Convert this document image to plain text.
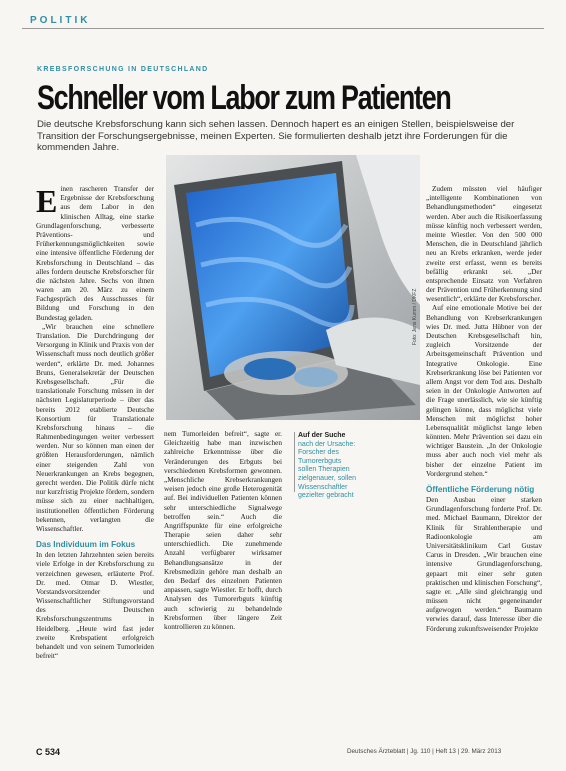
POLITIK
KREBSFORSCHUNG IN DEUTSCHLAND
Schneller vom Labor zum Patienten
Die deutsche Krebsforschung kann sich sehen lassen. Dennoch hapert es an einigen Stellen, beispielsweise der Transition der Forschungsergebnisse, meinen Experten. Sie formulierten deshalb jetzt ihre Forderungen für die kommenden Jahre.

Einen rascheren Transfer der Ergebnisse der Krebsforschung aus dem Labor in den klinischen Alltag, eine starke Grundlagenforschung, verbesserte Präventions- und Früherkennungsmöglichkeiten sowie eine intensive öffentliche Förderung der Krebsforschung in Deutschland – das alles fordern deutsche Krebsforscher für die nächsten Jahre. Sechs von ihnen waren am 20. März zu einem Fachgespräch des Ausschusses für Bildung und Forschung in den Bundestag geladen.

„Wir brauchen eine schnellere Translation. Die Durchdringung der Versorgung in Klinik und Praxis von der Wissenschaft muss noch deutlich größer werden“, erklärte Dr. med. Johannes Bruns, Generalsekretär der Deutschen Krebsgesellschaft. „Für die translationale Forschung müssen in der nächsten Legislaturperiode – über das bereits 2012 etablierte Deutsche Konsortium für Translationale Krebsforschung hinaus – die Rahmenbedingungen weiter verbessert werden. Nur so können man einen der größten Herausforderungen, nämlich einer steigenden Zahl von Neuerkrankungen an Krebs begegnen, gerecht werden. Die Politik dürfe nicht nur kurzfristig Projekte fördern, sondern müsse sich zu einer nachhaltigen, institutionellen öffentlichen Förderung bekennen, verlangten die Wissenschaftler.

Das Individuum im Fokus

In den letzten Jahrzehnten seien bereits viele Erfolge in der Krebsforschung zu verzeichnen gewesen, erläuterte Prof. Dr. med. Otmar D. Wiestler, Vorstandsvorsitzender und Wissenschaftlicher Stiftungsvorstand des Deutschen Krebsforschungszentrums in Heidelberg. „Heute wird fast jeder zweite Krebspatient erfolgreich behandelt und von seinem Tumorleiden befreit“

Foto: Jens Kumm / DKFZ

nem Tumorleiden befreit“, sagte er. Gleichzeitig habe man inzwischen zahlreiche Erkenntnisse über die Veränderungen des Erbguts bei verschiedenen Krebsformen gewonnen. „Menschliche Krebserkrankungen weisen jedoch eine große Heterogenität auf. Bei individuellen Patienten können sehr unterschiedliche Signalwege betroffen sein.“ Auch die Angriffspunkte für eine erfolgreiche Therapie seien daher sehr unterschiedlich. Die zunehmende Anzahl verfügbarer wirksamer Behandlungsansätze in der Krebsmedizin gehöre man deshalb an den Bedarf des einzelnen Patienten anpassen, sagte Wiestler. Er hofft, durch Analysen des Tumorerbguts künftig auch schwierig zu behandelnde Krebsformen über längere Zeit kontrollieren zu können.

Auf der Suche nach der Ursache: Forscher des Tumorerbguts sollen Therapien zielgenauer, sollen Wissenschaftler gezielter gebracht

Zudem müssten viel häufiger „intelligente Kombinationen von Behandlungsmethoden“ eingesetzt werden. Aber auch die Risikoerfassung müsse künftig noch verbessert werden, meinte Wiestler. Von den 500 000 Menschen, die in Deutschland jährlich neu an Krebs erkranken, werde jeder zweite erst erfasst, wenn es bereits befällig erkrankt sei. „Der entsprechende Einsatz von Verfahren der Prävention und Früherkennung sind wesentlich“, erklärte der Krebsforscher.

Auf eine emotionale Motive bei der Behandlung von Krebserkrankungen wies Dr. med. Jutta Hübner von der Deutschen Krebsgesellschaft hin, zugleich Vorsitzende der Arbeitsgemeinschaft Prävention und Integrative Onkologie. Eine Krebserkrankung löse bei Patienten vor allem Angst vor dem Tod aus. Deshalb seien in der Onkologie Antworten auf die Frage unerlässlich, wie sie künftig gelingen könne, dass möglichst viele Menschen mit möglichst hoher Lebensqualität möglichst lange leben könnten. Mehr Prävention sei dazu ein wichtiger Baustein. „In der Onkologie muss aber auch noch viel mehr als bisher der einzelne Patient im Vordergrund stehen.“

Öffentliche Förderung nötig

Den Ausbau einer starken Grundlagenforschung forderte Prof. Dr. med. Michael Baumann, Direktor der Klinik für Strahlentherapie und Radioonkologie am Universitätsklinikum Carl Gustav Carus in Dresden. „Wir brauchen eine intensive Grundlagenforschung, gepaart mit einer sehr guten praktischen und klinischen Forschung“, sagte er. „Alle sind gleichrangig und müssen nicht gegeneinander aufgewogen werden.“ Baumann verwies darauf, dass Interesse über die Förderung zukunftsweisender Projekte

C 534	Deutsches Ärzteblatt | Jg. 110 | Heft 13 | 29. März 2013
